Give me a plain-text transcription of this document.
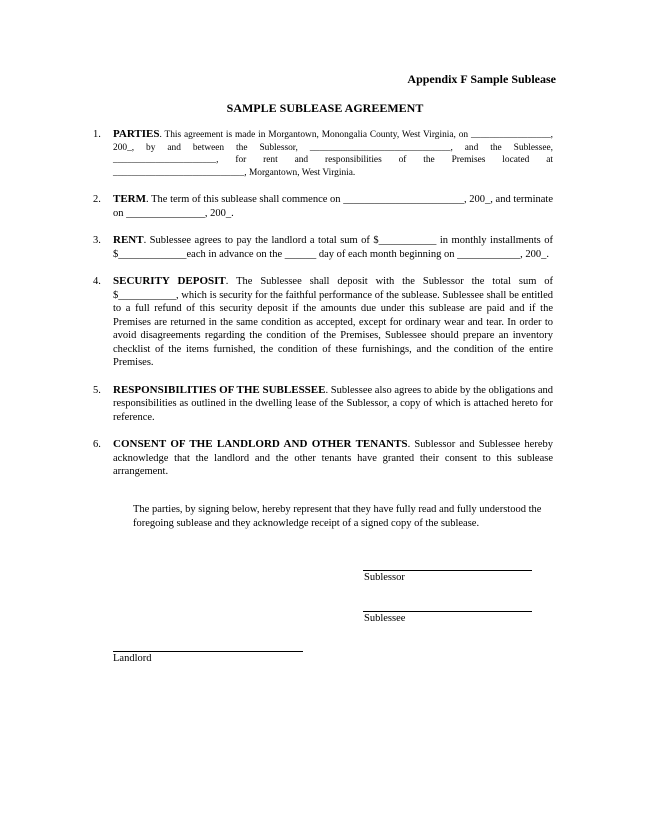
Appendix F Sample Sublease
SAMPLE SUBLEASE AGREEMENT
1.	PARTIES. This agreement is made in Morgantown, Monongalia County, West Virginia, on _________________, 200_, by and between the Sublessor, ______________________________, and the Sublessee, ______________________, for rent and responsibilities of the Premises located at ____________________________, Morgantown, West Virginia.
2.	TERM. The term of this sublease shall commence on _______________________, 200_, and terminate on _______________, 200_.
3.	RENT. Sublessee agrees to pay the landlord a total sum of $___________ in monthly installments of $_____________each in advance on the ______ day of each month beginning on ____________, 200_.
4.	SECURITY DEPOSIT. The Sublessee shall deposit with the Sublessor the total sum of $___________, which is security for the faithful performance of the sublease. Sublessee shall be entitled to a full refund of this security deposit if the amounts due under this sublease are paid and if the Premises are returned in the same condition as accepted, except for ordinary wear and tear. In order to avoid disagreements regarding the condition of the Premises, Sublessee should prepare an inventory checklist of the items furnished, the condition of these furnishings, and the condition of the entire Premises.
5.	RESPONSIBILITIES OF THE SUBLESSEE. Sublessee also agrees to abide by the obligations and responsibilities as outlined in the dwelling lease of the Sublessor, a copy of which is attached hereto for reference.
6.	CONSENT OF THE LANDLORD AND OTHER TENANTS. Sublessor and Sublessee hereby acknowledge that the landlord and the other tenants have granted their consent to this sublease arrangement.
The parties, by signing below, hereby represent that they have fully read and fully understood the foregoing sublease and they acknowledge receipt of a signed copy of the sublease.
Sublessor
Sublessee
Landlord
